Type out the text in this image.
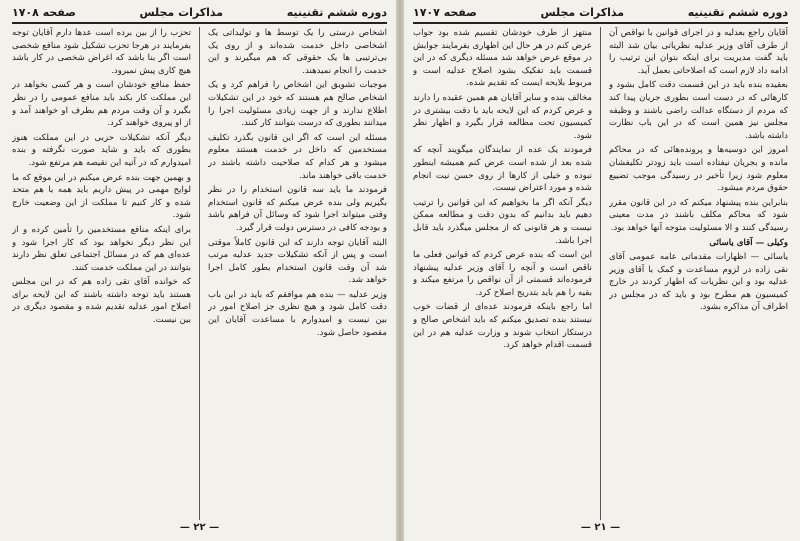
دوره ششم تقنینیه
مذاکرات مجلس
صفحه ۱۷۰۷

آقایان راجع بعدلیه و در اجرای قوانین با نواقص آن از طرف آقای وزیر عدلیه نظریاتی بیان شد البته باید گفت مدیریت برای اینکه بتوان این ترتیب را ادامه داد لازم است که اصلاحاتی بعمل آید.

بعقیده بنده باید در این قسمت دقت کامل بشود و کارهائی که در دست است بطوری جریان پیدا کند که مردم از دستگاه عدالت راضی باشند و وظیفه مجلس نیز همین است که در این باب نظارت داشته باشد.

امروز این دوسیه‌ها و پرونده‌هائی که در محاکم مانده و بجریان نیفتاده است باید زودتر تکلیفشان معلوم شود زیرا تأخیر در رسیدگی موجب تضییع حقوق مردم میشود.

بنابراین بنده پیشنهاد میکنم که در این قانون مقرر شود که محاکم مکلف باشند در مدت معینی رسیدگی کنند و الا مسئولیت متوجه آنها خواهد بود.

وکیلی — آقای یاسائی

یاسائی — اظهارات مقدماتی عامه عمومی آقای نقی زاده در لزوم مساعدت و کمک با آقای وزیر عدلیه بود و این نظریات که اظهار کردند در خارج کمیسیون هم مطرح بود و باید که در مجلس در اطراف آن مذاکره بشود.

منتهز از طرف خودشان تقسیم شده بود جواب عرض کنم در هر حال این اظهاری بفرمایند جوابش در موقع عرض خواهد شد مسئله دیگری که در این قسمت باید تفکیک بشود اصلاح عدلیه است و مربوط بلایحه ایست که تقدیم شده.

مخالف بنده و سایر آقایان هم همین عقیده را دارند و عرض کردم که این لایحه باید با دقت بیشتری در کمیسیون تحت مطالعه قرار بگیرد و اظهار نظر شود.

فرمودند یک عده از نمایندگان میگویند آنچه که شده بعد از شده است عرض کنم همیشه اینطور نبوده و خیلی از کارها از روی حسن نیت انجام شده و مورد اعتراض نیست.

دیگر آنکه اگر ما بخواهیم که این قوانین را ترتیب دهیم باید بدانیم که بدون دقت و مطالعه ممکن نیست و هر قانونی که از مجلس میگذرد باید قابل اجرا باشد.

این است که بنده عرض کردم که قوانین فعلی ما ناقص است و آنچه را آقای وزیر عدلیه پیشنهاد فرموده‌اند قسمتی از آن نواقص را مرتفع میکند و بقیه را هم باید بتدریج اصلاح کرد.

اما راجع باینکه فرمودند عده‌ای از قضات خوب نیستند بنده تصدیق میکنم که باید اشخاص صالح و درستکار انتخاب شوند و وزارت عدلیه هم در این قسمت اقدام خواهد کرد.

— ۲۱ —
دوره ششم تقنینیه
مذاکرات مجلس
صفحه ۱۷۰۸

اشخاص درستی را یک توسط ها و تولیداتی یک اشخاصی داخل خدمت شده‌اند و از روی یک بی‌ترتیبی ها یک حقوقی که هم میگیرند و این خدمت را انجام نمیدهند.

موجبات تشویق این اشخاص را فراهم کرد و یک اشخاص صالح هم هستند که خود در این تشکیلات اطلاع ندارند و از جهت زیادی مسئولیت اجرا را میدانند بطوری که درست بتوانند کار کنند.

مسئله این است که اگر این قانون بگذرد تکلیف مستخدمین که داخل در خدمت هستند معلوم میشود و هر کدام که صلاحیت داشته باشند در خدمت باقی خواهند ماند.

فرمودند ما باید سه قانون استخدام را در نظر بگیریم ولی بنده عرض میکنم که قانون استخدام وقتی میتواند اجرا شود که وسائل آن فراهم باشد و بودجه کافی در دسترس دولت قرار گیرد.

البته آقایان توجه دارند که این قانون کاملاً موقتی است و پس از آنکه تشکیلات جدید عدلیه مرتب شد آن وقت قانون استخدام بطور کامل اجرا خواهد شد.

وزیر عدلیه — بنده هم موافقم که باید در این باب دقت کامل شود و هیچ نظری جز اصلاح امور در بین نیست و امیدوارم با مساعدت آقایان این مقصود حاصل شود.

تحزب را از بین برده است عدها دارم آقایان توجه بفرمایند در هرجا تحزب تشکیل شود منافع شخصی است اگر بنا باشد که اغراض شخصی در کار باشد هیچ کاری پیش نمیرود.

حفظ منافع خودشان است و هر کسی بخواهد در این مملکت کار بکند باید منافع عمومی را در نظر بگیرد و آن وقت مردم هم بطرف او خواهند آمد و از او پیروی خواهند کرد.

دیگر آنکه تشکیلات حزبی در این مملکت هنوز بطوری که باید و شاید صورت نگرفته و بنده امیدوارم که در آتیه این نقیصه هم مرتفع شود.

و بهمین جهت بنده عرض میکنم در این موقع که ما لوایح مهمی در پیش داریم باید همه با هم متحد شده و کار کنیم تا مملکت از این وضعیت خارج شود.

برای اینکه منافع مستخدمین را تأمین کرده و از این نظر دیگر نخواهد بود که کار اجرا شود و عده‌ای هم که در مسائل اجتماعی تعلق نظر دارند بتوانند در این مملکت خدمت کنند.

که خوانده آقای تقی زاده هم که در این مجلس هستند باید توجه داشته باشند که این لایحه برای اصلاح امور عدلیه تقدیم شده و مقصود دیگری در بین نیست.

— ۲۲ —
